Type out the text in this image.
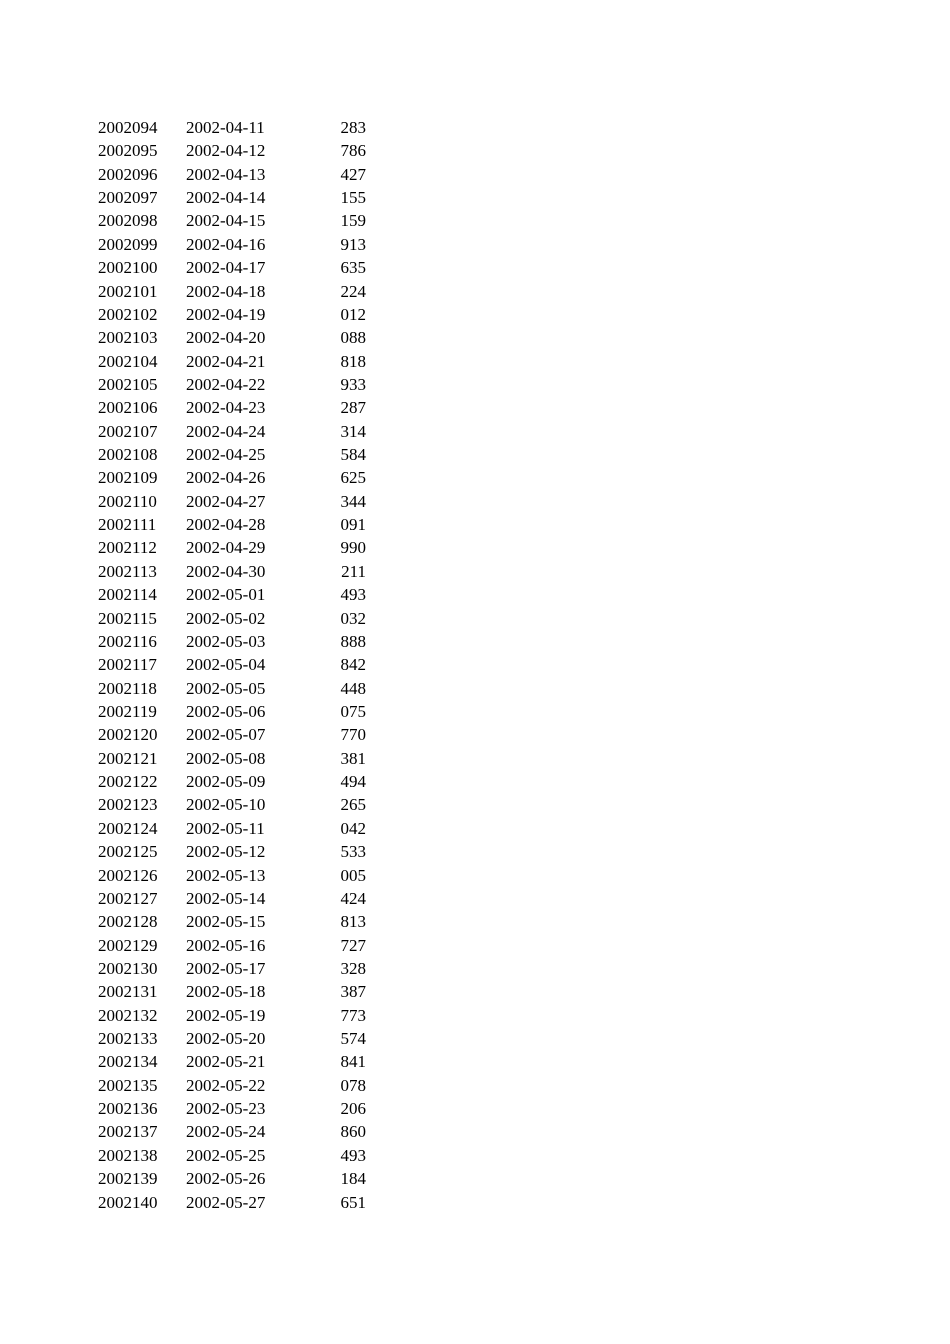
2002094	2002-04-11	283
2002095	2002-04-12	786
2002096	2002-04-13	427
2002097	2002-04-14	155
2002098	2002-04-15	159
2002099	2002-04-16	913
2002100	2002-04-17	635
2002101	2002-04-18	224
2002102	2002-04-19	012
2002103	2002-04-20	088
2002104	2002-04-21	818
2002105	2002-04-22	933
2002106	2002-04-23	287
2002107	2002-04-24	314
2002108	2002-04-25	584
2002109	2002-04-26	625
2002110	2002-04-27	344
2002111	2002-04-28	091
2002112	2002-04-29	990
2002113	2002-04-30	211
2002114	2002-05-01	493
2002115	2002-05-02	032
2002116	2002-05-03	888
2002117	2002-05-04	842
2002118	2002-05-05	448
2002119	2002-05-06	075
2002120	2002-05-07	770
2002121	2002-05-08	381
2002122	2002-05-09	494
2002123	2002-05-10	265
2002124	2002-05-11	042
2002125	2002-05-12	533
2002126	2002-05-13	005
2002127	2002-05-14	424
2002128	2002-05-15	813
2002129	2002-05-16	727
2002130	2002-05-17	328
2002131	2002-05-18	387
2002132	2002-05-19	773
2002133	2002-05-20	574
2002134	2002-05-21	841
2002135	2002-05-22	078
2002136	2002-05-23	206
2002137	2002-05-24	860
2002138	2002-05-25	493
2002139	2002-05-26	184
2002140	2002-05-27	651
